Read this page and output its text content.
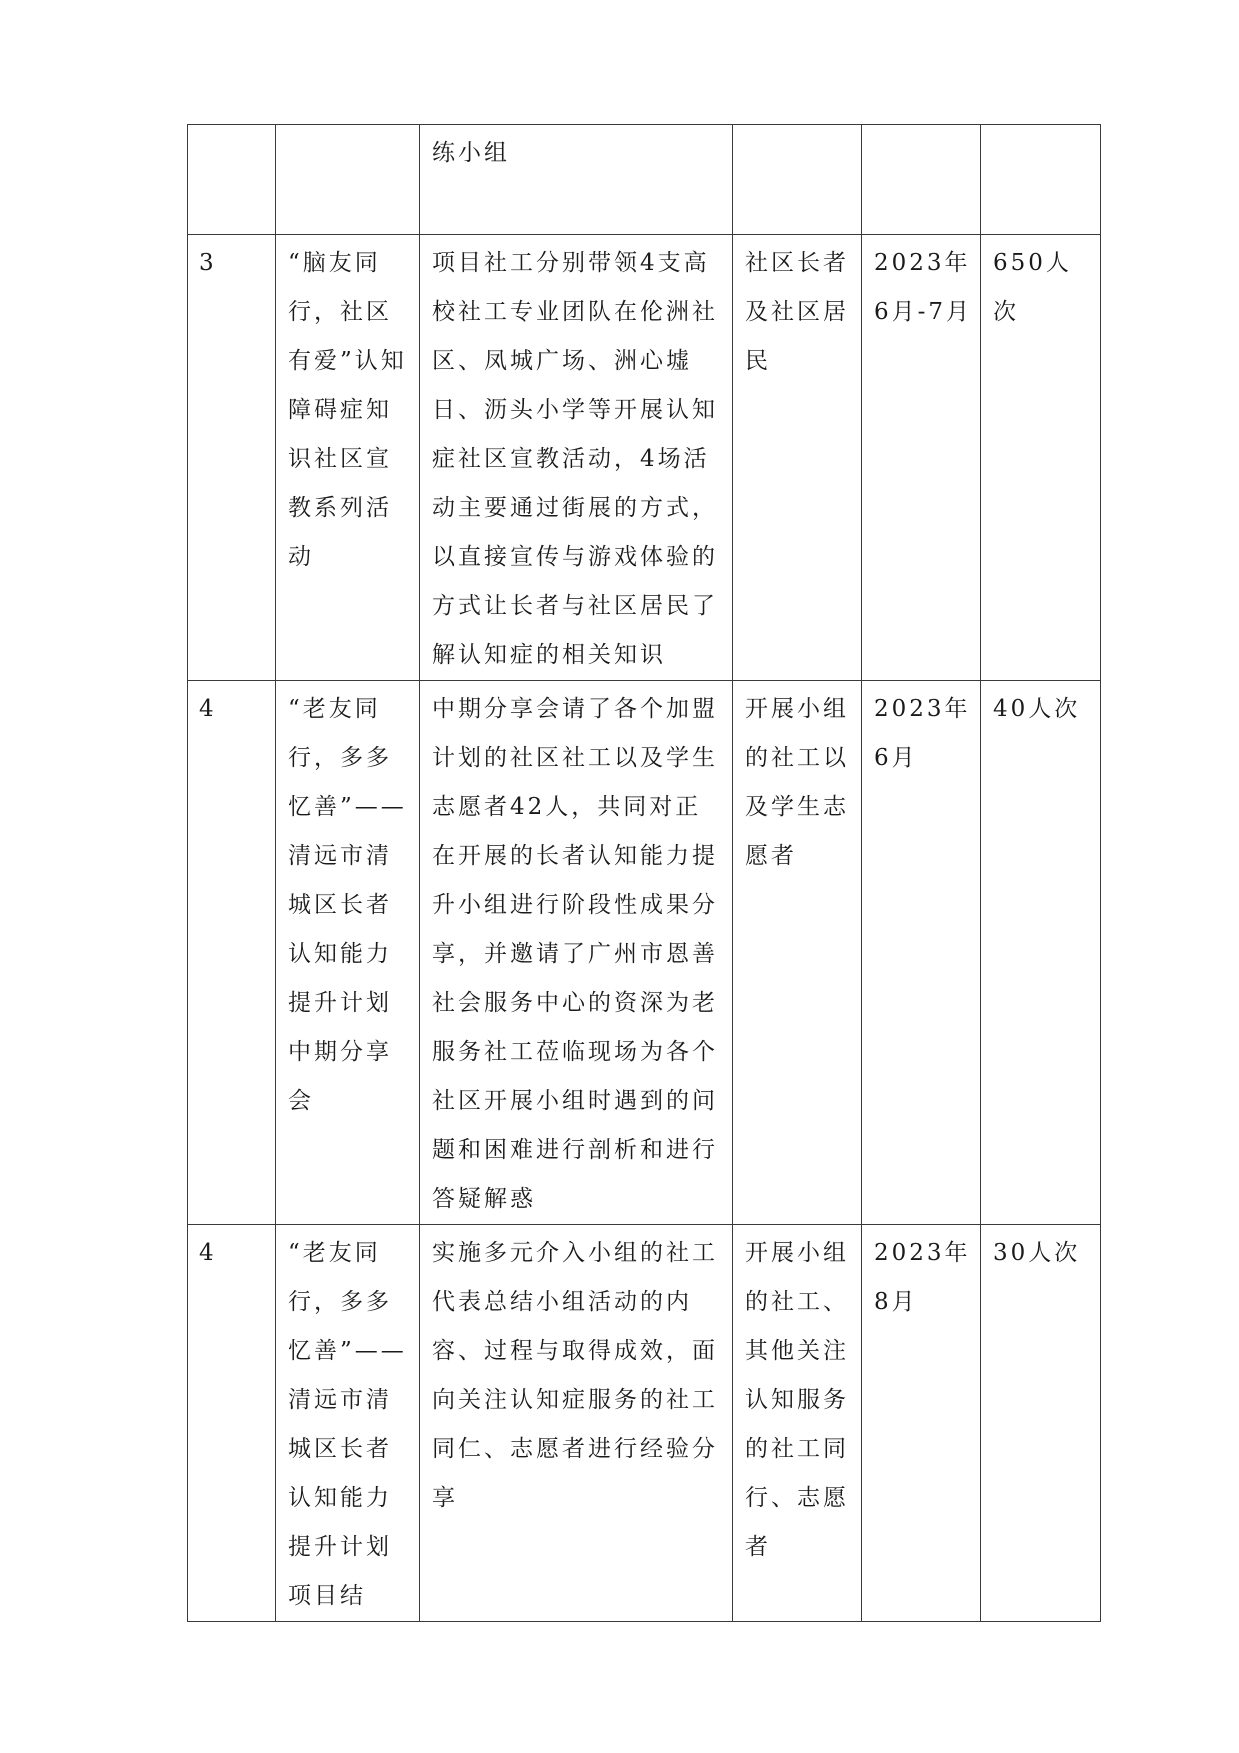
		练小组			

3	“脑友同行，社区有爱”认知障碍症知识社区宣教系列活动	项目社工分别带领4支高校社工专业团队在伦洲社区、凤城广场、洲心墟日、沥头小学等开展认知症社区宣教活动，4场活动主要通过街展的方式，以直接宣传与游戏体验的方式让长者与社区居民了解认知症的相关知识	社区长者及社区居民	2023年6月-7月	650人次

4	“老友同行，多多忆善”——清远市清城区长者认知能力提升计划中期分享会	中期分享会请了各个加盟计划的社区社工以及学生志愿者42人，共同对正在开展的长者认知能力提升小组进行阶段性成果分享，并邀请了广州市恩善社会服务中心的资深为老服务社工莅临现场为各个社区开展小组时遇到的问题和困难进行剖析和进行答疑解惑	开展小组的社工以及学生志愿者	2023年6月	40人次

4	“老友同行，多多忆善”——清远市清城区长者认知能力提升计划项目结	实施多元介入小组的社工代表总结小组活动的内容、过程与取得成效，面向关注认知症服务的社工同仁、志愿者进行经验分享	开展小组的社工、其他关注认知服务的社工同行、志愿者	2023年8月	30人次
